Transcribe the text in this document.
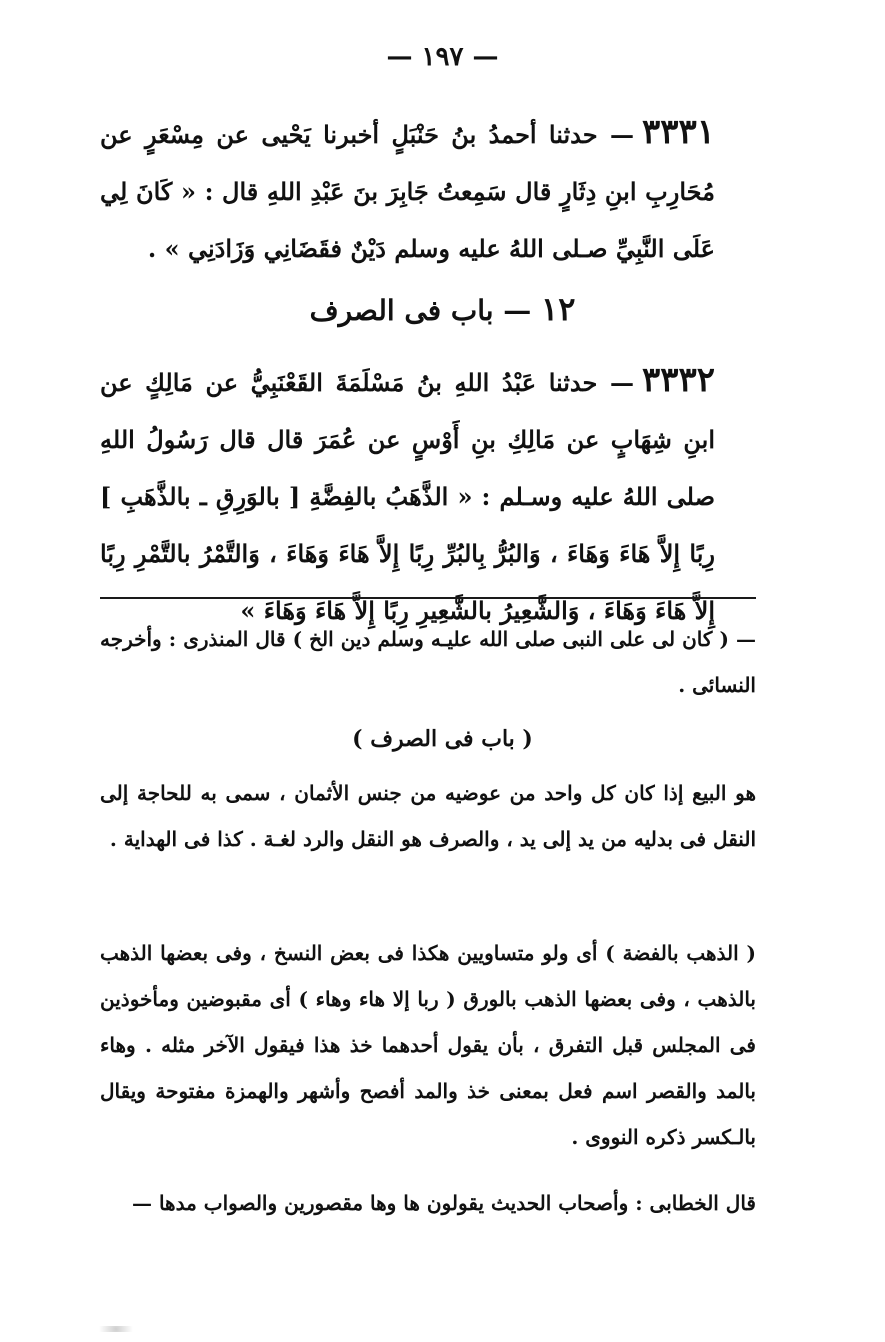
— ١٩٧ —
٣٣٣١— حدثنا أحمدُ بنُ حَنْبَلٍ أخبرنا يَحْيى عن مِسْعَرٍ عن مُحَارِبِ ابنِ دِثَارٍ قال سَمِعتُ جَابِرَ بنَ عَبْدِ اللهِ قال : « كَانَ لِي عَلَى النَّبِيِّ صـلى اللهُ عليه وسلم دَيْنٌ فقَضَانِي وَزَادَنِي » .
١٢ — باب فى الصرف
٣٣٣٢— حدثنا عَبْدُ اللهِ بنُ مَسْلَمَةَ القَعْنَبِيُّ عن مَالِكٍ عن ابنِ شِهَابٍ عن مَالِكِ بنِ أَوْسٍ عن عُمَرَ قال قال رَسُولُ اللهِ صلى اللهُ عليه وسـلم : « الذَّهَبُ بالفِضَّةِ [ بالوَرِقِ ـ بالذَّهَبِ ] رِبًا إِلاَّ هَاءَ وَهَاءَ ، وَالبُرُّ بِالبُرِّ رِبًا إِلاَّ هَاءَ وَهَاءَ ، وَالتَّمْرُ بالتَّمْرِ رِبًا إِلاَّ هَاءَ وَهَاءَ ، وَالشَّعِيرُ بالشَّعِيرِ رِبًا إِلاَّ هَاءَ وَهَاءَ »
— ( كان لى على النبى صلى الله عليـه وسلم دين الخ ) قال المنذرى : وأخرجه النسائى .
( باب فى الصرف )
هو البيع إذا كان كل واحد من عوضيه من جنس الأثمان ، سمى به للحاجة إلى النقل فى بدليه من يد إلى يد ، والصرف هو النقل والرد لغـة . كذا فى الهداية .
( الذهب بالفضة ) أى ولو متساويين هكذا فى بعض النسخ ، وفى بعضها الذهب بالذهب ، وفى بعضها الذهب بالورق ( ربا إلا هاء وهاء ) أى مقبوضين ومأخوذين فى المجلس قبل التفرق ، بأن يقول أحدهما خذ هذا فيقول الآخر مثله . وهاء بالمد والقصر اسم فعل بمعنى خذ والمد أفصح وأشهر والهمزة مفتوحة ويقال بالـكسر ذكره النووى .
قال الخطابى : وأصحاب الحديث يقولون ها وها مقصورين والصواب مدها —
